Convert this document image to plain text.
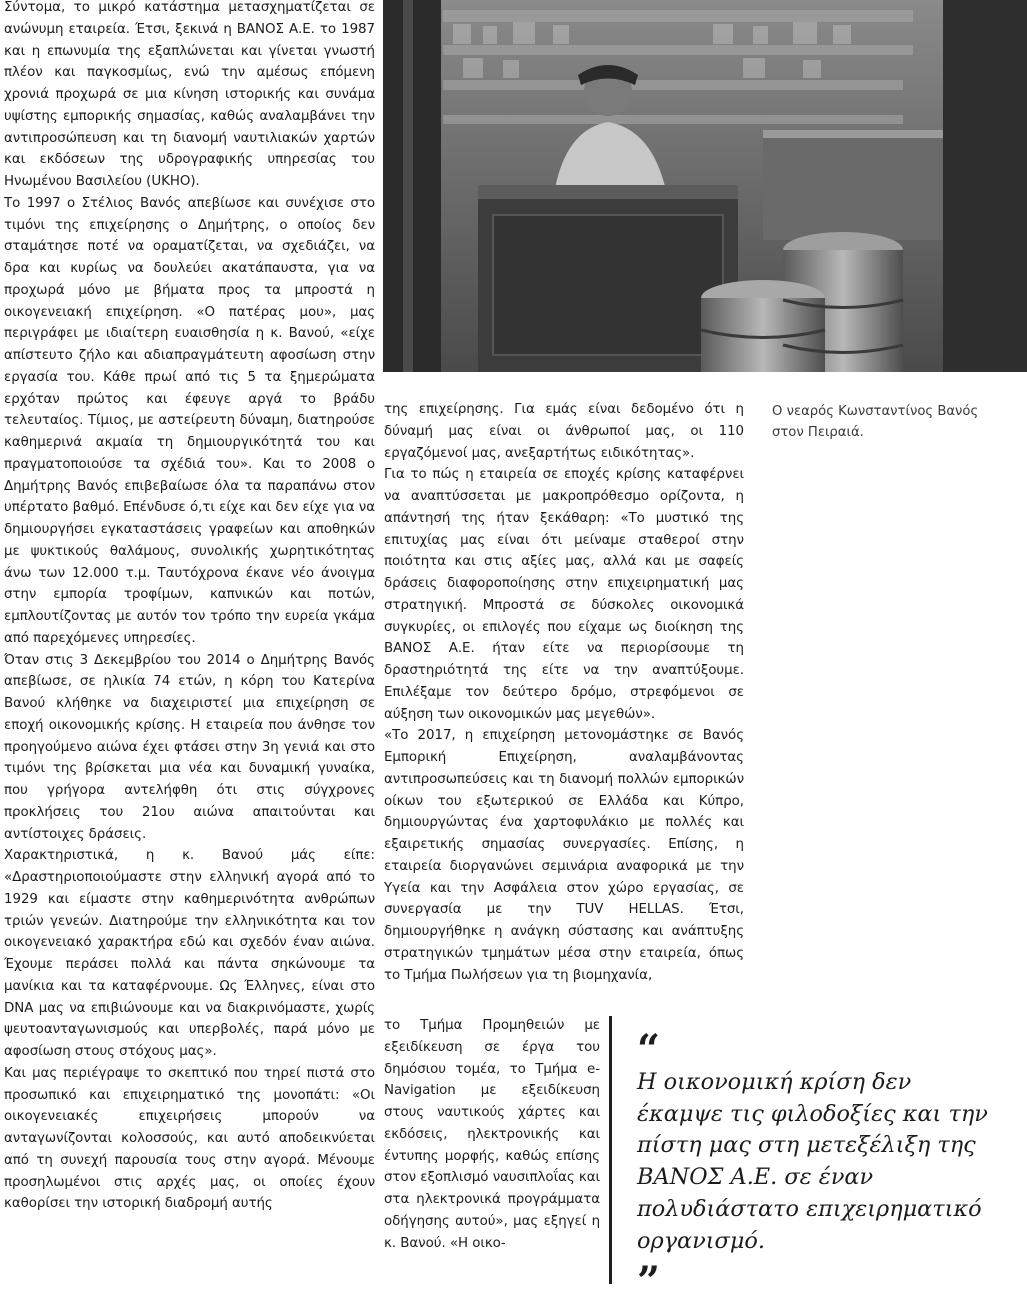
Σύντομα, το μικρό κατάστημα μετασχηματίζεται σε ανώνυμη εταιρεία. Έτσι, ξεκινά η ΒΑΝΟΣ Α.Ε. το 1987 και η επωνυμία της εξαπλώνεται και γίνεται γνωστή πλέον και παγκοσμίως, ενώ την αμέσως επόμενη χρονιά προχωρά σε μια κίνηση ιστορικής και συνάμα υψίστης εμπορικής σημασίας, καθώς αναλαμβάνει την αντιπροσώπευση και τη διανομή ναυτιλιακών χαρτών και εκδόσεων της υδρογραφικής υπηρεσίας του Ηνωμένου Βασιλείου (UKHO).

Το 1997 ο Στέλιος Βανός απεβίωσε και συνέχισε στο τιμόνι της επιχείρησης ο Δημήτρης, ο οποίος δεν σταμάτησε ποτέ να οραματίζεται, να σχεδιάζει, να δρα και κυρίως να δουλεύει ακατάπαυστα, για να προχωρά μόνο με βήματα προς τα μπροστά η οικογενειακή επιχείρηση. «Ο πατέρας μου», μας περιγράφει με ιδιαίτερη ευαισθησία η κ. Βανού, «είχε απίστευτο ζήλο και αδιαπραγμάτευτη αφοσίωση στην εργασία του. Κάθε πρωί από τις 5 τα ξημερώματα ερχόταν πρώτος και έφευγε αργά το βράδυ τελευταίος. Τίμιος, με αστείρευτη δύναμη, διατηρούσε καθημερινά ακμαία τη δημιουργικότητά του και πραγματοποιούσε τα σχέδιά του». Και το 2008 ο Δημήτρης Βανός επιβεβαίωσε όλα τα παραπάνω στον υπέρτατο βαθμό. Επένδυσε ό,τι είχε και δεν είχε για να δημιουργήσει εγκαταστάσεις γραφείων και αποθηκών με ψυκτικούς θαλάμους, συνολικής χωρητικότητας άνω των 12.000 τ.μ. Ταυτόχρονα έκανε νέο άνοιγμα στην εμπορία τροφίμων, καπνικών και ποτών, εμπλουτίζοντας με αυτόν τον τρόπο την ευρεία γκάμα από παρεχόμενες υπηρεσίες.

Όταν στις 3 Δεκεμβρίου του 2014 ο Δημήτρης Βανός απεβίωσε, σε ηλικία 74 ετών, η κόρη του Κατερίνα Βανού κλήθηκε να διαχειριστεί μια επιχείρηση σε εποχή οικονομικής κρίσης. Η εταιρεία που άνθησε τον προηγούμενο αιώνα έχει φτάσει στην 3η γενιά και στο τιμόνι της βρίσκεται μια νέα και δυναμική γυναίκα, που γρήγορα αντελήφθη ότι στις σύγχρονες προκλήσεις του 21ου αιώνα απαιτούνται και αντίστοιχες δράσεις.

Χαρακτηριστικά, η κ. Βανού μάς είπε: «Δραστηριοποιούμαστε στην ελληνική αγορά από το 1929 και είμαστε στην καθημερινότητα ανθρώπων τριών γενεών. Διατηρούμε την ελληνικότητα και τον οικογενειακό χαρακτήρα εδώ και σχεδόν έναν αιώνα. Έχουμε περάσει πολλά και πάντα σηκώνουμε τα μανίκια και τα καταφέρνουμε. Ως Έλληνες, είναι στο DNA μας να επιβιώνουμε και να διακρινόμαστε, χωρίς ψευτοανταγωνισμούς και υπερβολές, παρά μόνο με αφοσίωση στους στόχους μας».

Και μας περιέγραψε το σκεπτικό που τηρεί πιστά στο προσωπικό και επιχειρηματικό της μονοπάτι: «Οι οικογενειακές επιχειρήσεις μπορούν να ανταγωνίζονται κολοσσούς, και αυτό αποδεικνύεται από τη συνεχή παρουσία τους στην αγορά. Μένουμε προσηλωμένοι στις αρχές μας, οι οποίες έχουν καθορίσει την ιστορική διαδρομή αυτής

της επιχείρησης. Για εμάς είναι δεδομένο ότι η δύναμή μας είναι οι άνθρωποί μας, οι 110 εργαζόμενοί μας, ανεξαρτήτως ειδικότητας».

Για το πώς η εταιρεία σε εποχές κρίσης καταφέρνει να αναπτύσσεται με μακροπρόθεσμο ορίζοντα, η απάντησή της ήταν ξεκάθαρη: «Το μυστικό της επιτυχίας μας είναι ότι μείναμε σταθεροί στην ποιότητα και στις αξίες μας, αλλά και με σαφείς δράσεις διαφοροποίησης στην επιχειρηματική μας στρατηγική. Μπροστά σε δύσκολες οικονομικά συγκυρίες, οι επιλογές που είχαμε ως διοίκηση της ΒΑΝΟΣ Α.Ε. ήταν είτε να περιορίσουμε τη δραστηριότητά της είτε να την αναπτύξουμε. Επιλέξαμε τον δεύτερο δρόμο, στρεφόμενοι σε αύξηση των οικονομικών μας μεγεθών».

«Το 2017, η επιχείρηση μετονομάστηκε σε Βανός Εμπορική Επιχείρηση, αναλαμβάνοντας αντιπροσωπεύσεις και τη διανομή πολλών εμπορικών οίκων του εξωτερικού σε Ελλάδα και Κύπρο, δημιουργώντας ένα χαρτοφυλάκιο με πολλές και εξαιρετικής σημασίας συνεργασίες. Επίσης, η εταιρεία διοργανώνει σεμινάρια αναφορικά με την Υγεία και την Ασφάλεια στον χώρο εργασίας, σε συνεργασία με την TUV HELLAS. Έτσι, δημιουργήθηκε η ανάγκη σύστασης και ανάπτυξης στρατηγικών τμημάτων μέσα στην εταιρεία, όπως το Τμήμα Πωλήσεων για τη βιομηχανία,

το Τμήμα Προμηθειών με εξειδίκευση σε έργα του δημόσιου τομέα, το Τμήμα e-Navigation με εξειδίκευση στους ναυτικούς χάρτες και εκδόσεις, ηλεκτρονικής και έντυπης μορφής, καθώς επίσης στον εξοπλισμό ναυσιπλοΐας και στα ηλεκτρονικά προγράμματα οδήγησης αυτού», μας εξηγεί η κ. Βανού. «Η οικο-

Ο νεαρός Κωνσταντίνος Βανός στον Πειραιά.
“
Η οικονομική κρίση δεν έκαμψε τις φιλοδοξίες και την πίστη μας στη μετεξέλιξη της ΒΑΝΟΣ Α.Ε. σε έναν πολυδιάστατο επιχειρηματικό οργανισμό.
”
